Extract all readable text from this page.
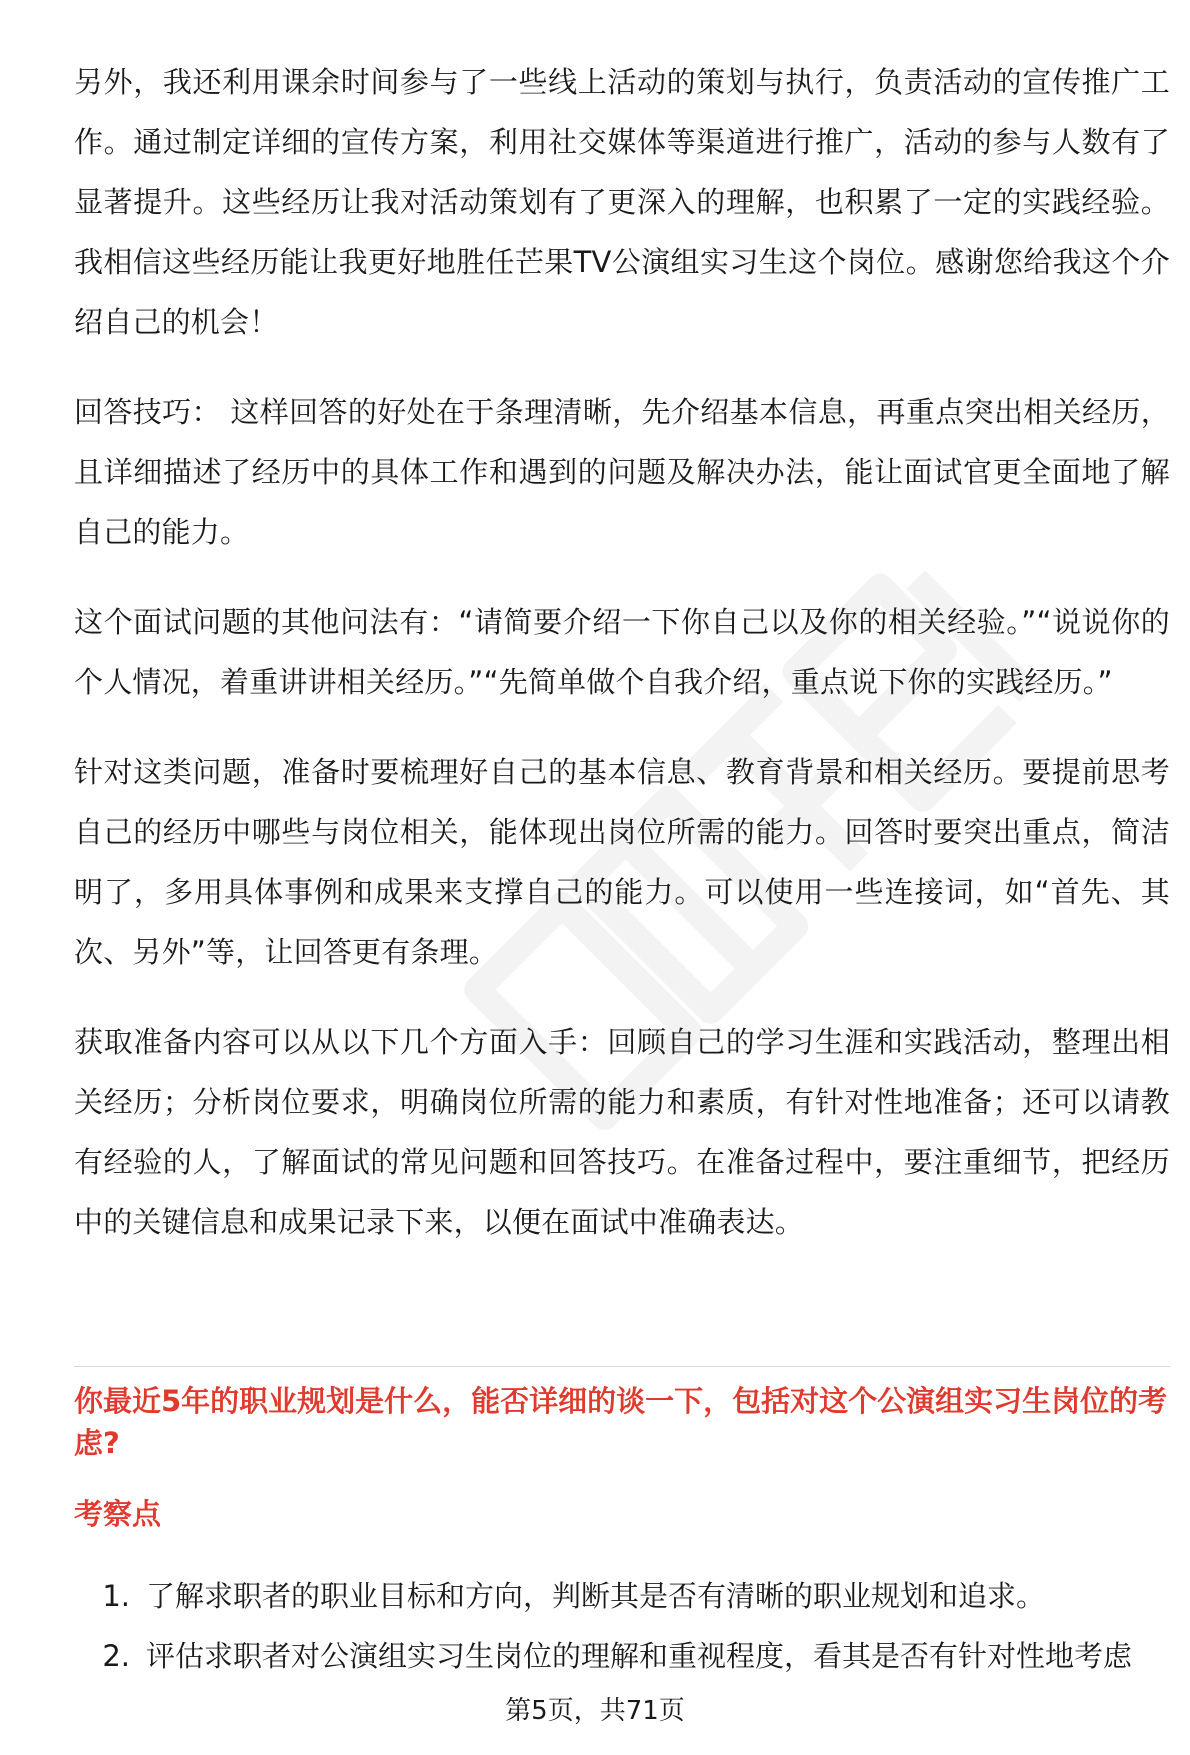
另外，我还利用课余时间参与了一些线上活动的策划与执行，负责活动的宣传推广工作。通过制定详细的宣传方案，利用社交媒体等渠道进行推广，活动的参与人数有了显著提升。这些经历让我对活动策划有了更深入的理解，也积累了一定的实践经验。我相信这些经历能让我更好地胜任芒果TV公演组实习生这个岗位。感谢您给我这个介绍自己的机会！

回答技巧： 这样回答的好处在于条理清晰，先介绍基本信息，再重点突出相关经历，且详细描述了经历中的具体工作和遇到的问题及解决办法，能让面试官更全面地了解自己的能力。

这个面试问题的其他问法有：“请简要介绍一下你自己以及你的相关经验。”“说说你的个人情况，着重讲讲相关经历。”“先简单做个自我介绍，重点说下你的实践经历。”

针对这类问题，准备时要梳理好自己的基本信息、教育背景和相关经历。要提前思考自己的经历中哪些与岗位相关，能体现出岗位所需的能力。回答时要突出重点，简洁明了，多用具体事例和成果来支撑自己的能力。可以使用一些连接词，如“首先、其次、另外”等，让回答更有条理。

获取准备内容可以从以下几个方面入手：回顾自己的学习生涯和实践活动，整理出相关经历；分析岗位要求，明确岗位所需的能力和素质，有针对性地准备；还可以请教有经验的人，了解面试的常见问题和回答技巧。在准备过程中，要注重细节，把经历中的关键信息和成果记录下来，以便在面试中准确表达。

你最近5年的职业规划是什么，能否详细的谈一下，包括对这个公演组实习生岗位的考虑?
考察点
1. 了解求职者的职业目标和方向，判断其是否有清晰的职业规划和追求。
2. 评估求职者对公演组实习生岗位的理解和重视程度，看其是否有针对性地考虑
第5页，共71页
